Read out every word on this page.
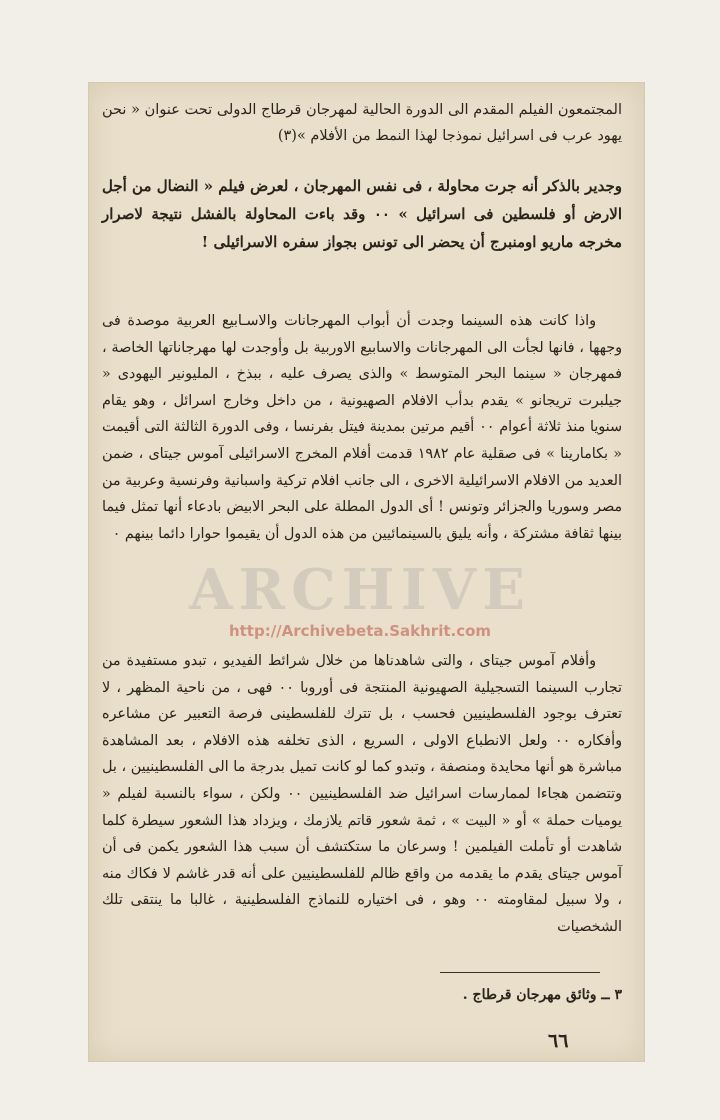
المجتمعون الفيلم المقدم الى الدورة الحالية لمهرجان قرطاج الدولى تحت عنوان « نحن يهود عرب فى اسرائيل نموذجا لهذا النمط من الأفلام »(٣)
وجدير بالذكر أنه جرت محاولة ، فى نفس المهرجان ، لعرض فيلم « النضال من أجل الارض أو فلسطين فى اسرائيل » ٠٠ وقد باءت المحاولة بالفشل نتيجة لاصرار مخرجه ماريو اومنبرج أن يحضر الى تونس بجواز سفره الاسرائيلى !

واذا كانت هذه السينما وجدت أن أبواب المهرجانات والاسـابيع العربية موصدة فى وجهها ، فانها لجأت الى المهرجانات والاسابيع الاوربية بل وأوجدت لها مهرجاناتها الخاصة ، فمهرجان « سينما البحر المتوسط » والذى يصرف عليه ، ببذخ ، المليونير اليهودى « جيلبرت تريجانو » يقدم بدأب الافلام الصهيونية ، من داخل وخارج اسرائل ، وهو يقام سنويا منذ ثلاثة أعوام ٠٠ أقيم مرتين بمدينة فيتل بفرنسا ، وفى الدورة الثالثة التى أقيمت « بكامارينا » فى صقلية عام ١٩٨٢ قدمت أفلام المخرج الاسرائيلى آموس جيتاى ، ضمن العديد من الافلام الاسرائيلية الاخرى ، الى جانب افلام تركية واسبانية وفرنسية وعربية من مصر وسوريا والجزائر وتونس ! أى الدول المطلة على البحر الابيض بادعاء أنها تمثل فيما بينها ثقافة مشتركة ، وأنه يليق بالسينمائيين من هذه الدول أن يقيموا حوارا دائما بينهم ٠

وأفلام آموس جيتاى ، والتى شاهدناها من خلال شرائط الفيديو ، تبدو مستفيدة من تجارب السينما التسجيلية الصهيونية المنتجة فى أوروبا ٠٠ فهى ، من ناحية المظهر ، لا تعترف بوجود الفلسطينيين فحسب ، بل تترك للفلسطينى فرصة التعبير عن مشاعره وأفكاره ٠٠ ولعل الانطباع الاولى ، السريع ، الذى تخلفه هذه الافلام ، بعد المشاهدة مباشرة هو أنها محايدة ومنصفة ، وتبدو كما لو كانت تميل بدرجة ما الى الفلسطينيين ، بل وتتضمن هجاءا لممارسات اسرائيل ضد الفلسطينيين ٠٠ ولكن ، سواء بالنسبة لفيلم « يوميات حملة » أو « البيت » ، ثمة شعور قاتم يلازمك ، ويزداد هذا الشعور سيطرة كلما شاهدت أو تأملت الفيلمين ! وسرعان ما ستكتشف أن سبب هذا الشعور يكمن فى أن آموس جيتاى يقدم ما يقدمه من واقع ظالم للفلسطينيين على أنه قدر غاشم لا فكاك منه ، ولا سبيل لمقاومته ٠٠ وهو ، فى اختياره للنماذج الفلسطينية ، غالبا ما ينتقى تلك الشخصيات

٣ ــ وثائق مهرجان قرطاج .
٦٦
ARCHIVE
http://Archivebeta.Sakhrit.com
